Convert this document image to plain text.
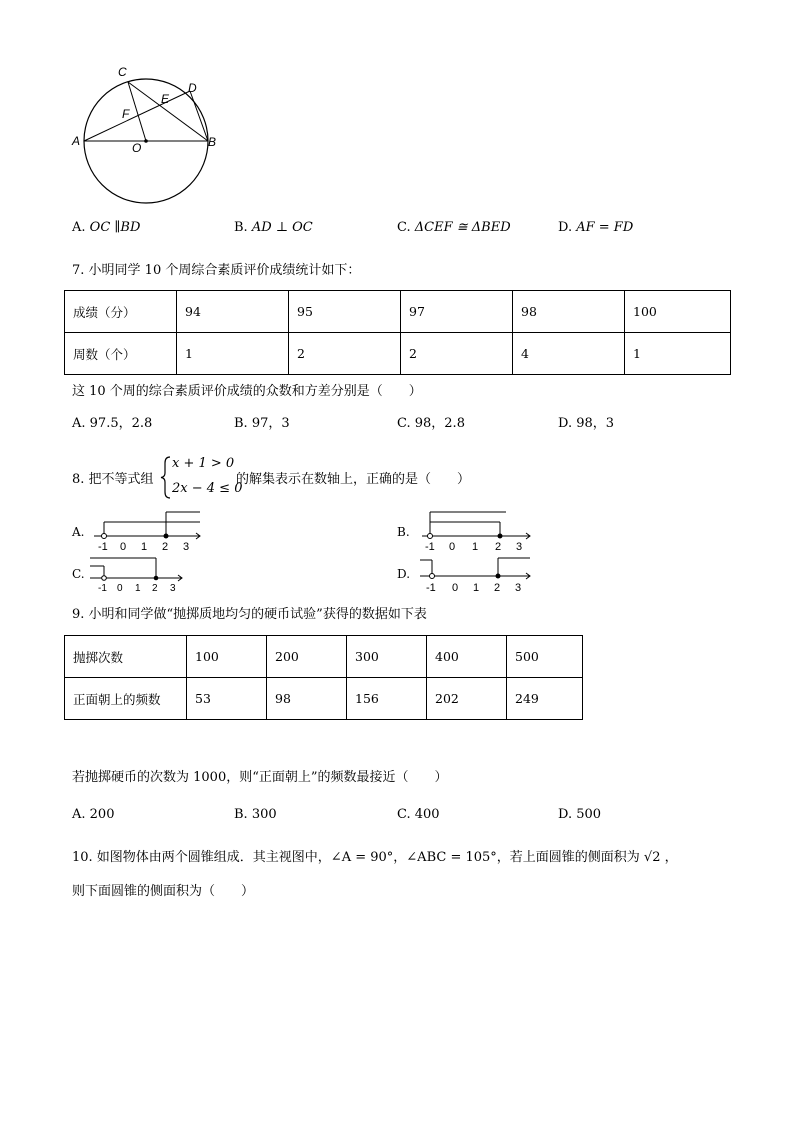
C
D
E
F
A	O	B
A. OC ∥BD	B. AD ⊥ OC	C. ΔCEF ≅ ΔBED	D. AF = FD
7. 小明同学 10 个周综合素质评价成绩统计如下：
成绩（分）	94	95	97	98	100
周数（个）	1	2	2	4	1
这 10 个周的综合素质评价成绩的众数和方差分别是（　　）
A. 97.5，2.8	B. 97，3	C. 98，2.8	D. 98，3
8. 把不等式组
x + 1 > 0
2x − 4 ≤ 0
的解集表示在数轴上，正确的是（　　）
A.	B.
C.	D.
-1 0 1 2 3	-1 0 1 2 3
-1 0 1 2 3	-1 0 1 2 3
9. 小明和同学做“抛掷质地均匀的硬币试验”获得的数据如下表
抛掷次数	100	200	300	400	500
正面朝上的频数	53	98	156	202	249
若抛掷硬币的次数为 1000，则“正面朝上”的频数最接近（　　）
A. 200	B. 300	C. 400	D. 500
10. 如图物体由两个圆锥组成．其主视图中，∠A = 90°，∠ABC = 105°，若上面圆锥的侧面积为 √2 ，
则下面圆锥的侧面积为（　　）
